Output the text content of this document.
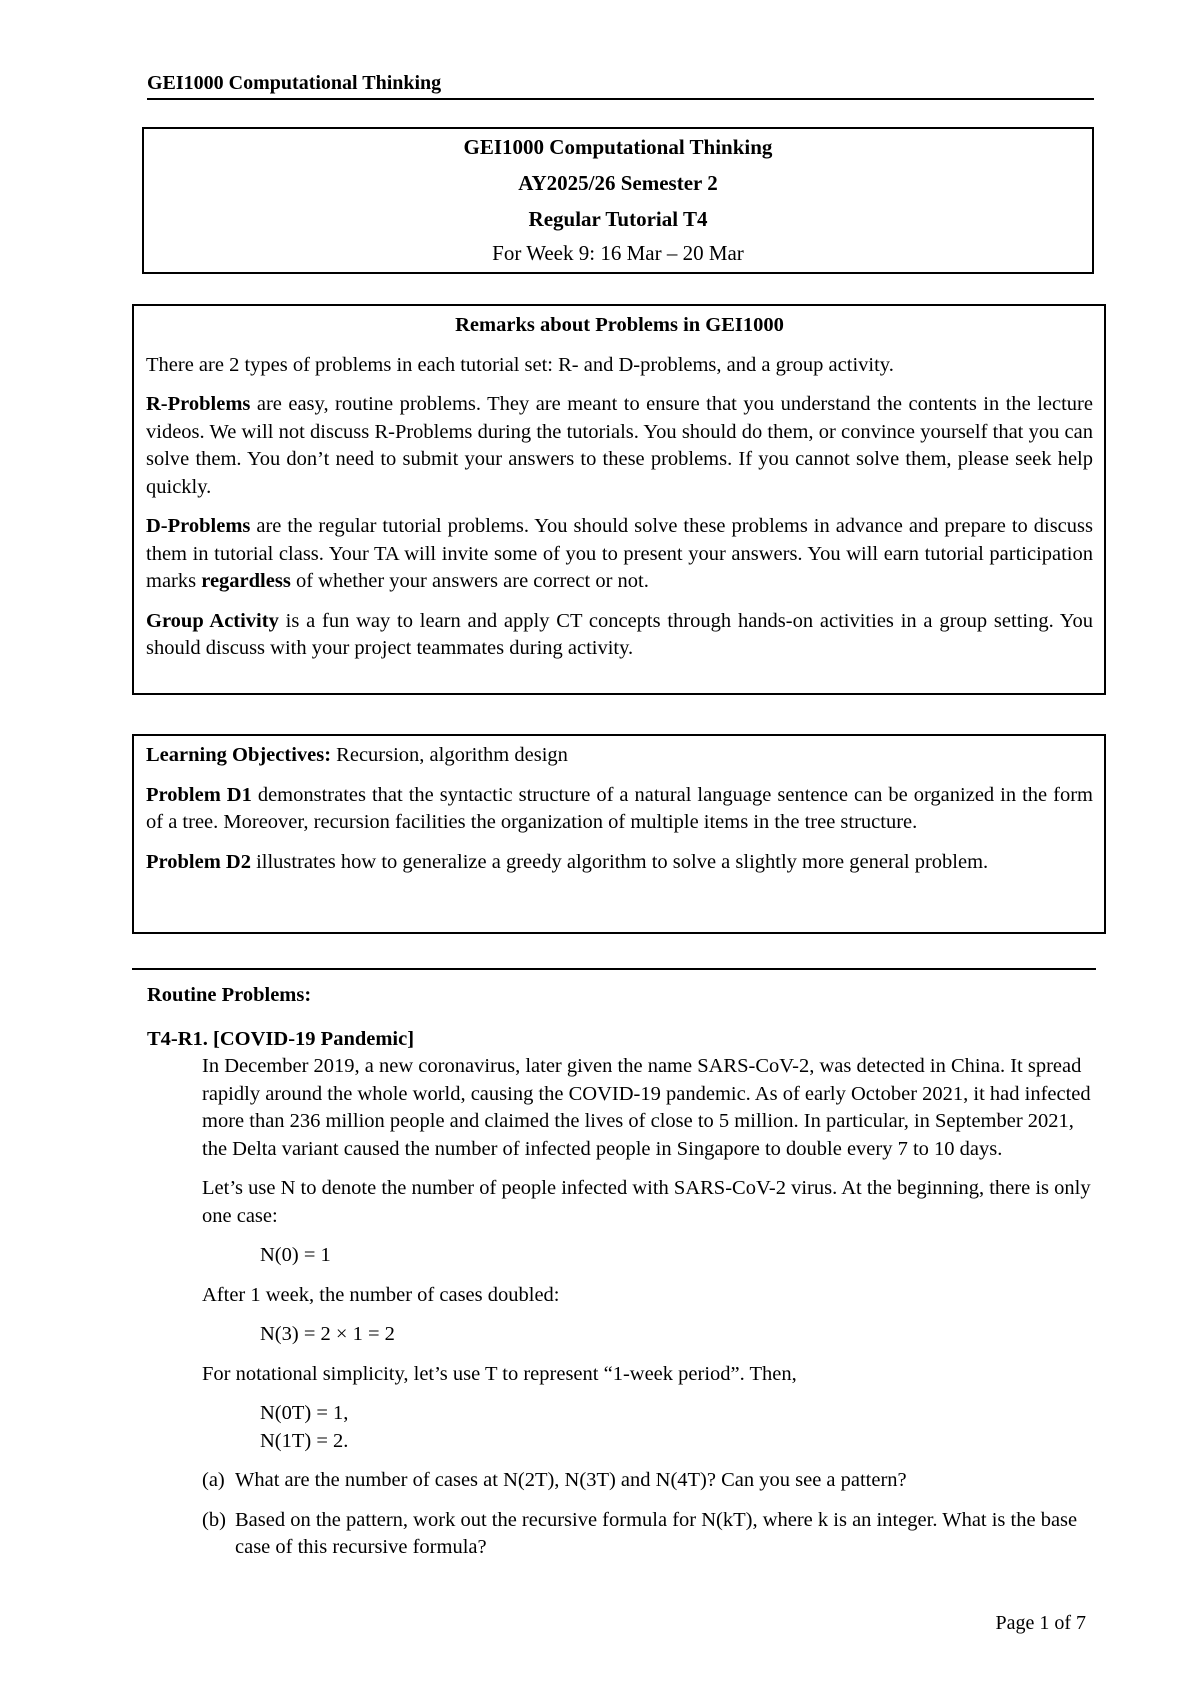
GEI1000 Computational Thinking
GEI1000 Computational Thinking
AY2025/26 Semester 2
Regular Tutorial T4
For Week 9: 16 Mar – 20 Mar

Remarks about Problems in GEI1000

There are 2 types of problems in each tutorial set: R- and D-problems, and a group activity.

R-Problems are easy, routine problems. They are meant to ensure that you understand the contents in the lecture videos. We will not discuss R-Problems during the tutorials. You should do them, or convince yourself that you can solve them. You don’t need to submit your answers to these problems. If you cannot solve them, please seek help quickly.

D-Problems are the regular tutorial problems. You should solve these problems in advance and prepare to discuss them in tutorial class. Your TA will invite some of you to present your answers. You will earn tutorial participation marks regardless of whether your answers are correct or not.

Group Activity is a fun way to learn and apply CT concepts through hands-on activities in a group setting. You should discuss with your project teammates during activity.

Learning Objectives: Recursion, algorithm design

Problem D1 demonstrates that the syntactic structure of a natural language sentence can be organized in the form of a tree. Moreover, recursion facilities the organization of multiple items in the tree structure.

Problem D2 illustrates how to generalize a greedy algorithm to solve a slightly more general problem.

Routine Problems:

T4-R1. [COVID-19 Pandemic]

In December 2019, a new coronavirus, later given the name SARS-CoV-2, was detected in China. It spread rapidly around the whole world, causing the COVID-19 pandemic. As of early October 2021, it had infected more than 236 million people and claimed the lives of close to 5 million. In particular, in September 2021, the Delta variant caused the number of infected people in Singapore to double every 7 to 10 days.

Let’s use N to denote the number of people infected with SARS-CoV-2 virus. At the beginning, there is only one case:

N(0) = 1

After 1 week, the number of cases doubled:

N(3) = 2 × 1 = 2

For notational simplicity, let’s use T to represent “1-week period”. Then,

N(0T) = 1,

N(1T) = 2.

(a) What are the number of cases at N(2T), N(3T) and N(4T)? Can you see a pattern?
(b) Based on the pattern, work out the recursive formula for N(kT), where k is an integer. What is the base case of this recursive formula?
Page 1 of 7
